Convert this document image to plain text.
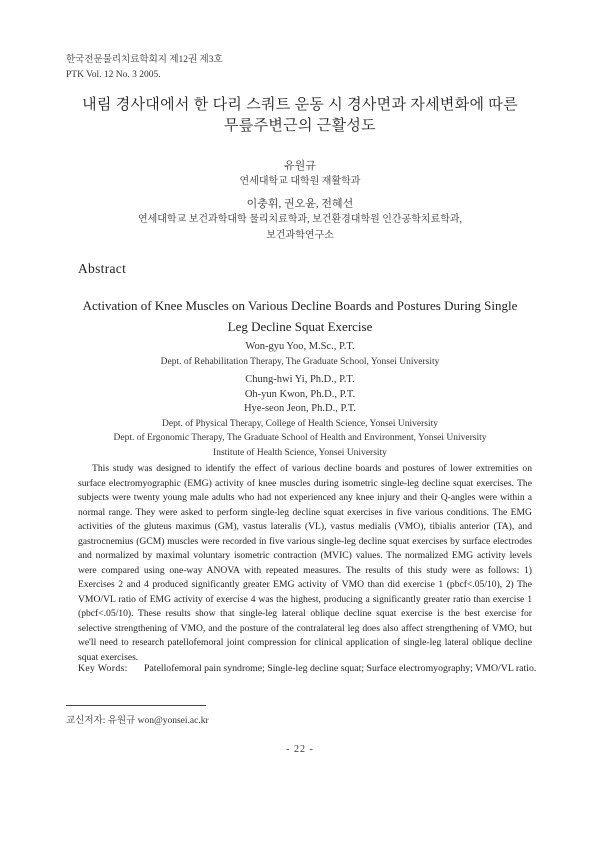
한국전문물리치료학회지 제12권 제3호
PTK Vol. 12 No. 3 2005.
내림 경사대에서 한 다리 스쿼트 운동 시 경사면과 자세변화에 따른
무릎주변근의 근활성도
유원규
연세대학교 대학원 재활학과
이충휘, 권오윤, 전혜선
연세대학교 보건과학대학 물리치료학과, 보건환경대학원 인간공학치료학과,
보건과학연구소
Abstract
Activation of Knee Muscles on Various Decline Boards and Postures During Single
Leg Decline Squat Exercise
Won-gyu Yoo, M.Sc., P.T.
Dept. of Rehabilitation Therapy, The Graduate School, Yonsei University
Chung-hwi Yi, Ph.D., P.T.
Oh-yun Kwon, Ph.D., P.T.
Hye-seon Jeon, Ph.D., P.T.
Dept. of Physical Therapy, College of Health Science, Yonsei University
Dept. of Ergonomic Therapy, The Graduate School of Health and Environment, Yonsei University
Institute of Health Science, Yonsei University
This study was designed to identify the effect of various decline boards and postures of lower extremities on surface electromyographic (EMG) activity of knee muscles during isometric single-leg decline squat exercises. The subjects were twenty young male adults who had not experienced any knee injury and their Q-angles were within a normal range. They were asked to perform single-leg decline squat exercises in five various conditions. The EMG activities of the gluteus maximus (GM), vastus lateralis (VL), vastus medialis (VMO), tibialis anterior (TA), and gastrocnemius (GCM) muscles were recorded in five various single-leg decline squat exercises by surface electrodes and normalized by maximal voluntary isometric contraction (MVIC) values. The normalized EMG activity levels were compared using one-way ANOVA with repeated measures. The results of this study were as follows: 1) Exercises 2 and 4 produced significantly greater EMG activity of VMO than did exercise 1 (pbcf<.05/10), 2) The VMO/VL ratio of EMG activity of exercise 4 was the highest, producing a significantly greater ratio than exercise 1 (pbcf<.05/10). These results show that single-leg lateral oblique decline squat exercise is the best exercise for selective strengthening of VMO, and the posture of the contralateral leg does also affect strengthening of VMO, but we'll need to research patellofemoral joint compression for clinical application of single-leg lateral oblique decline squat exercises.
Key Words:	Patellofemoral pain syndrome; Single-leg decline squat; Surface electromyography; VMO/VL ratio.
교신저자: 유원규 won@yonsei.ac.kr
- 22 -
